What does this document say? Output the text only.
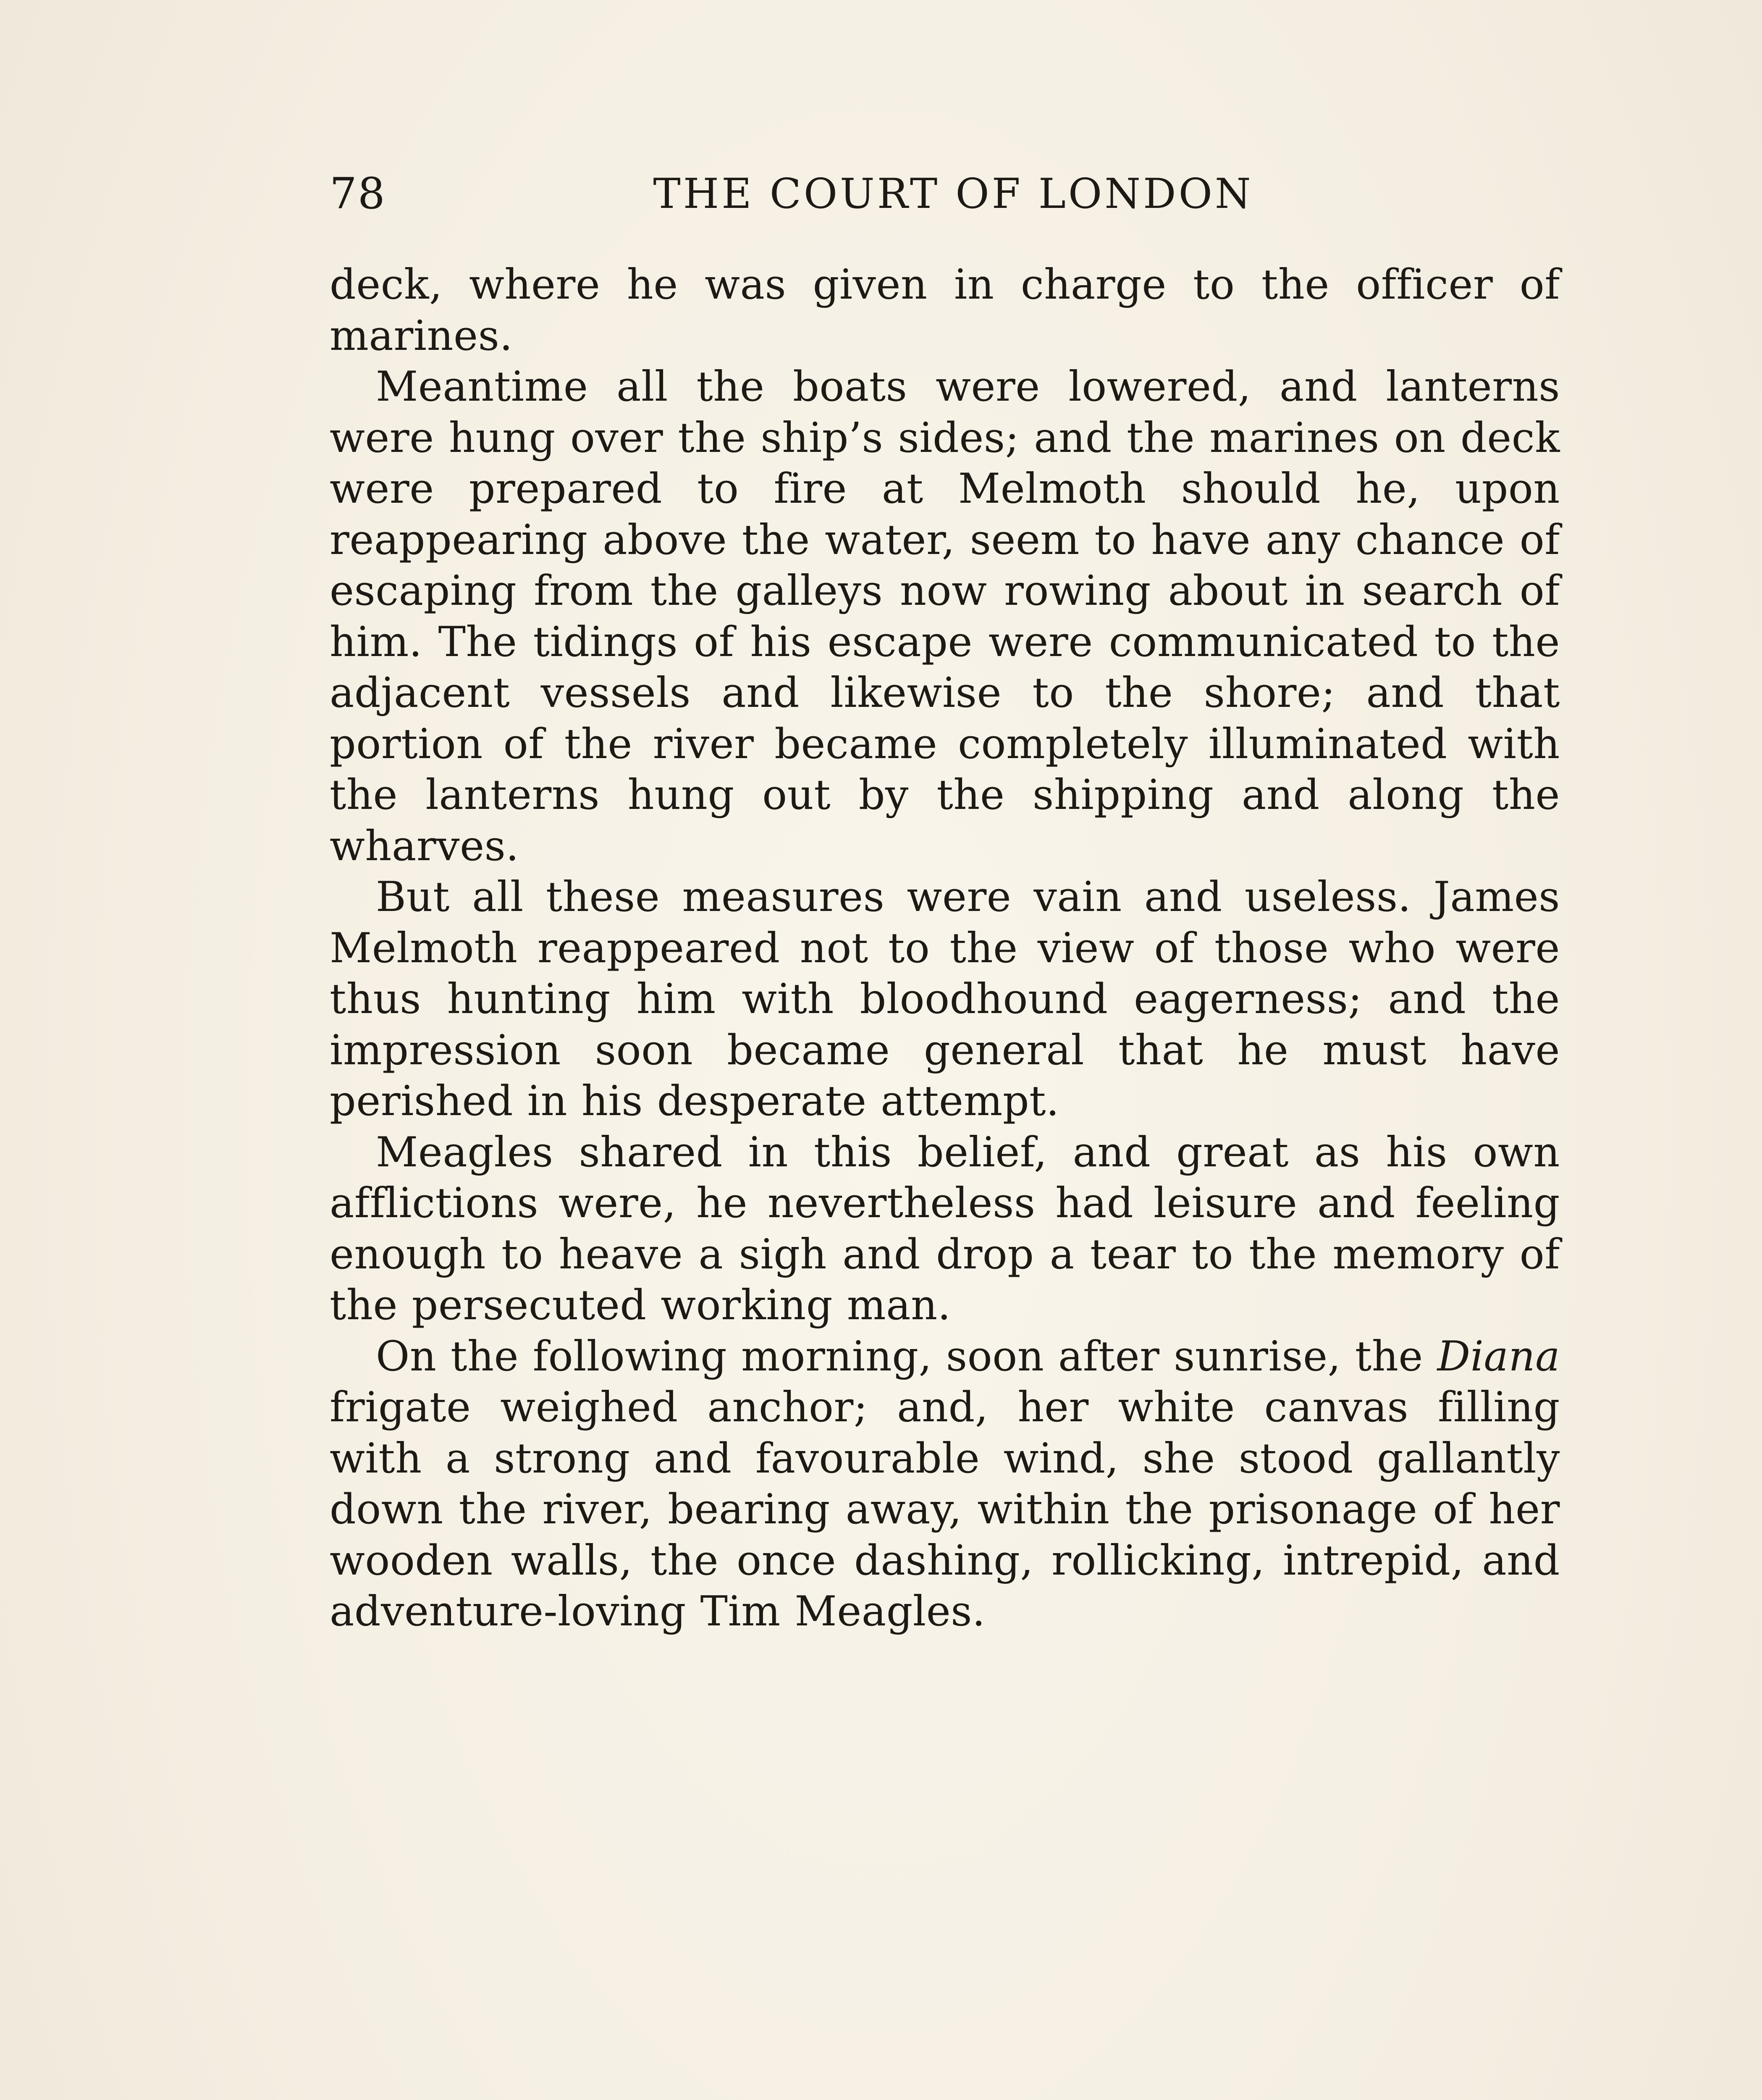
78	THE COURT OF LONDON

deck, where he was given in charge to the officer of marines.

Meantime all the boats were lowered, and lanterns were hung over the ship’s sides; and the marines on deck were prepared to fire at Melmoth should he, upon reappearing above the water, seem to have any chance of escaping from the galleys now rowing about in search of him. The tidings of his escape were communicated to the adjacent vessels and likewise to the shore; and that portion of the river became completely illuminated with the lanterns hung out by the shipping and along the wharves.

But all these measures were vain and useless. James Melmoth reappeared not to the view of those who were thus hunting him with bloodhound eagerness; and the impression soon became general that he must have perished in his desperate attempt.

Meagles shared in this belief, and great as his own afflictions were, he nevertheless had leisure and feeling enough to heave a sigh and drop a tear to the memory of the persecuted working man.

On the following morning, soon after sunrise, the Diana frigate weighed anchor; and, her white canvas filling with a strong and favourable wind, she stood gallantly down the river, bearing away, within the prisonage of her wooden walls, the once dashing, rollicking, intrepid, and adventure-loving Tim Meagles.
